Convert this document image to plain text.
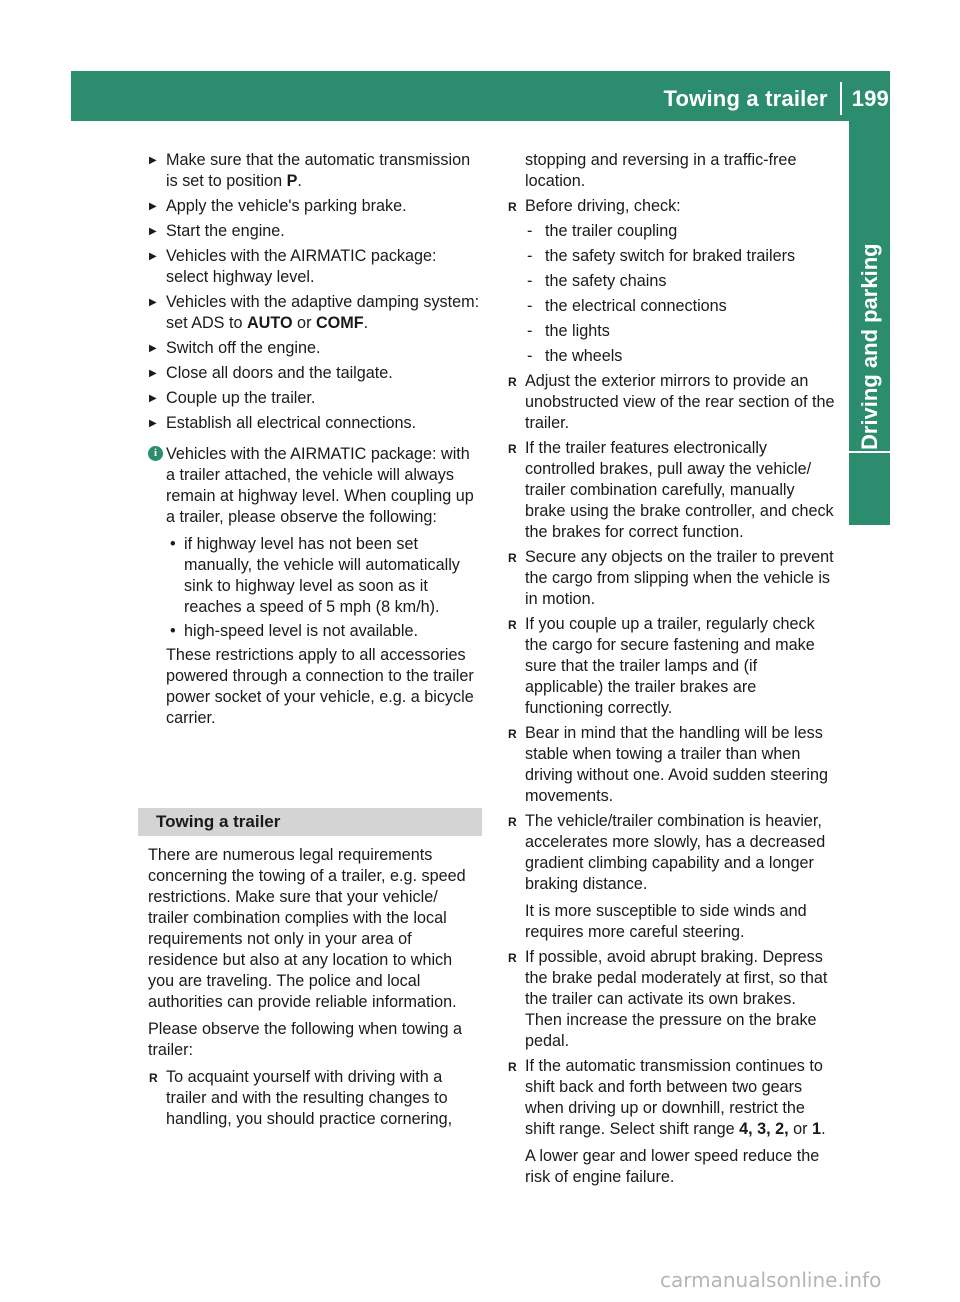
Towing a trailer 199
Driving and parking
▶ Make sure that the automatic transmission is set to position P.
▶ Apply the vehicle's parking brake.
▶ Start the engine.
▶ Vehicles with the AIRMATIC package: select highway level.
▶ Vehicles with the adaptive damping system: set ADS to AUTO or COMF.
▶ Switch off the engine.
▶ Close all doors and the tailgate.
▶ Couple up the trailer.
▶ Establish all electrical connections.
i Vehicles with the AIRMATIC package: with a trailer attached, the vehicle will always remain at highway level. When coupling up a trailer, please observe the following:

• if highway level has not been set manually, the vehicle will automatically sink to highway level as soon as it reaches a speed of 5 mph (8 km/h).
• high-speed level is not available.

These restrictions apply to all accessories powered through a connection to the trailer power socket of your vehicle, e.g. a bicycle carrier.

Towing a trailer

There are numerous legal requirements concerning the towing of a trailer, e.g. speed restrictions. Make sure that your vehicle/ trailer combination complies with the local requirements not only in your area of residence but also at any location to which you are traveling. The police and local authorities can provide reliable information.

Please observe the following when towing a trailer:

R To acquaint yourself with driving with a trailer and with the resulting changes to handling, you should practice cornering,
stopping and reversing in a traffic-free location.
R Before driving, check:
- the trailer coupling
- the safety switch for braked trailers
- the safety chains
- the electrical connections
- the lights
- the wheels
R Adjust the exterior mirrors to provide an unobstructed view of the rear section of the trailer.
R If the trailer features electronically controlled brakes, pull away the vehicle/ trailer combination carefully, manually brake using the brake controller, and check the brakes for correct function.
R Secure any objects on the trailer to prevent the cargo from slipping when the vehicle is in motion.
R If you couple up a trailer, regularly check the cargo for secure fastening and make sure that the trailer lamps and (if applicable) the trailer brakes are functioning correctly.
R Bear in mind that the handling will be less stable when towing a trailer than when driving without one. Avoid sudden steering movements.

R The vehicle/trailer combination is heavier, accelerates more slowly, has a decreased gradient climbing capability and a longer braking distance.

It is more susceptible to side winds and requires more careful steering.

R If possible, avoid abrupt braking. Depress the brake pedal moderately at first, so that the trailer can activate its own brakes. Then increase the pressure on the brake pedal.

R If the automatic transmission continues to shift back and forth between two gears when driving up or downhill, restrict the shift range. Select shift range 4, 3, 2, or 1.

A lower gear and lower speed reduce the risk of engine failure.

carmanualsonline.info
